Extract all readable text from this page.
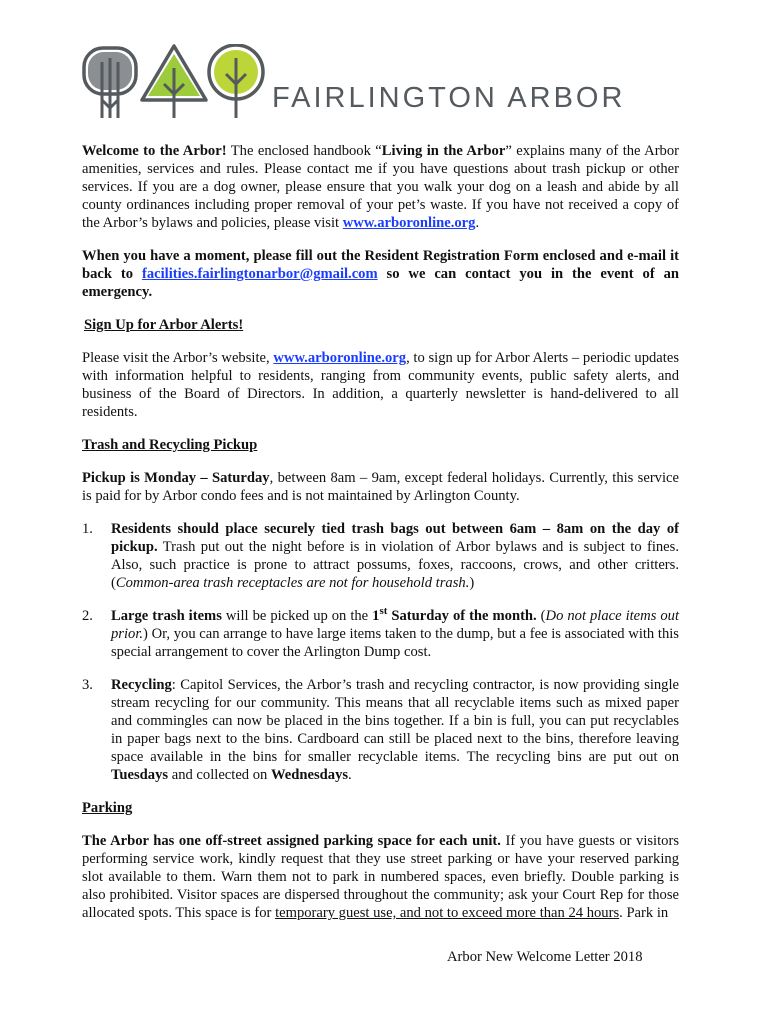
FAIRLINGTON ARBOR

Welcome to the Arbor! The enclosed handbook “Living in the Arbor” explains many of the Arbor amenities, services and rules. Please contact me if you have questions about trash pickup or other services. If you are a dog owner, please ensure that you walk your dog on a leash and abide by all county ordinances including proper removal of your pet’s waste. If you have not received a copy of the Arbor’s bylaws and policies, please visit www.arboronline.org.

When you have a moment, please fill out the Resident Registration Form enclosed and e-mail it back to facilities.fairlingtonarbor@gmail.com so we can contact you in the event of an emergency.

Sign Up for Arbor Alerts!

Please visit the Arbor’s website, www.arboronline.org, to sign up for Arbor Alerts – periodic updates with information helpful to residents, ranging from community events, public safety alerts, and business of the Board of Directors. In addition, a quarterly newsletter is hand-delivered to all residents.

Trash and Recycling Pickup

Pickup is Monday – Saturday, between 8am – 9am, except federal holidays. Currently, this service is paid for by Arbor condo fees and is not maintained by Arlington County.

1. Residents should place securely tied trash bags out between 6am – 8am on the day of pickup. Trash put out the night before is in violation of Arbor bylaws and is subject to fines. Also, such practice is prone to attract possums, foxes, raccoons, crows, and other critters. (Common-area trash receptacles are not for household trash.)
2. Large trash items will be picked up on the 1st Saturday of the month. (Do not place items out prior.) Or, you can arrange to have large items taken to the dump, but a fee is associated with this special arrangement to cover the Arlington Dump cost.
3. Recycling: Capitol Services, the Arbor’s trash and recycling contractor, is now providing single stream recycling for our community. This means that all recyclable items such as mixed paper and commingles can now be placed in the bins together. If a bin is full, you can put recyclables in paper bags next to the bins. Cardboard can still be placed next to the bins, therefore leaving space available in the bins for smaller recyclable items. The recycling bins are put out on Tuesdays and collected on Wednesdays.
Parking

The Arbor has one off-street assigned parking space for each unit. If you have guests or visitors performing service work, kindly request that they use street parking or have your reserved parking slot available to them. Warn them not to park in numbered spaces, even briefly. Double parking is also prohibited. Visitor spaces are dispersed throughout the community; ask your Court Rep for those allocated spots. This space is for temporary guest use, and not to exceed more than 24 hours. Park in

Arbor New Welcome Letter 2018
